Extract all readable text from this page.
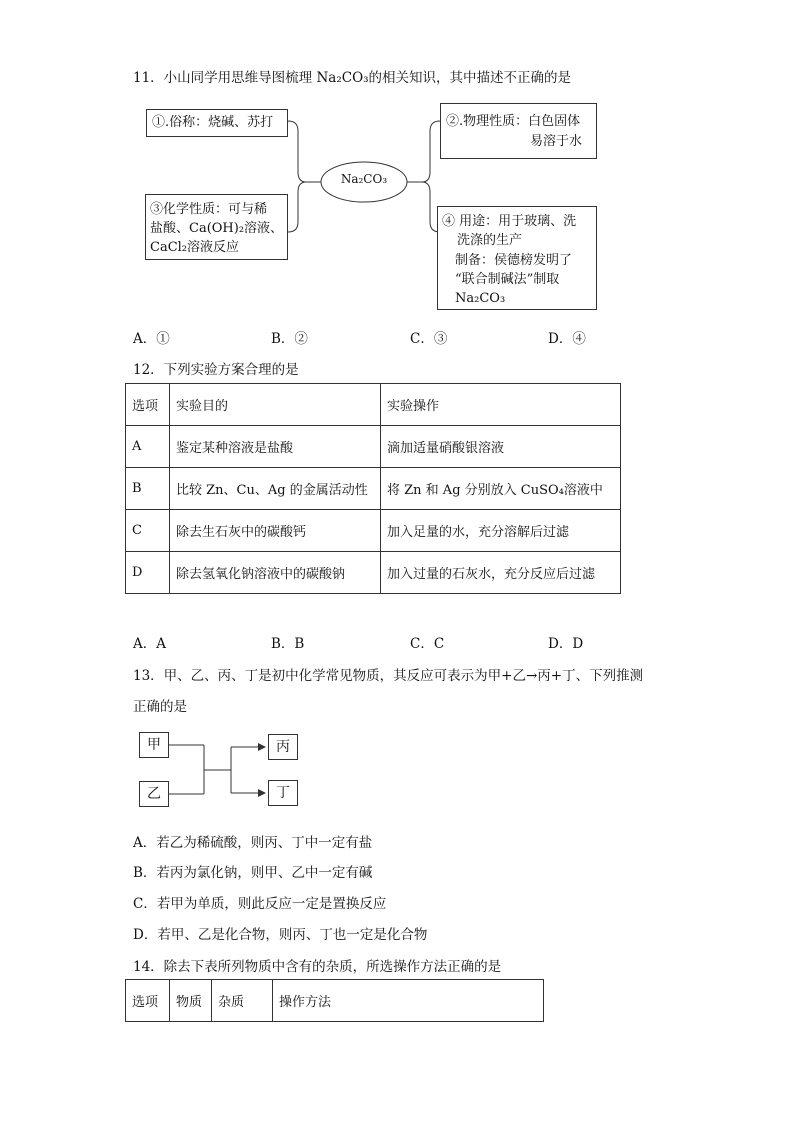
11．小山同学用思维导图梳理 Na₂CO₃的相关知识，其中描述不正确的是
Na₂CO₃
①.俗称：烧碱、苏打	②.物理性质：白色固体
易溶于水
③化学性质：可与稀
盐酸、Ca(OH)₂溶液、
CaCl₂溶液反应
④ 用途：用于玻璃、洗
洗涤的生产
制备：侯德榜发明了
“联合制碱法”制取
Na₂CO₃
A．①	B．②	C．③	D．④
12．下列实验方案合理的是
选项	实验目的	实验操作
A	鉴定某种溶液是盐酸	滴加适量硝酸银溶液
B	比较 Zn、Cu、Ag 的金属活动性	将 Zn 和 Ag 分别放入 CuSO₄溶液中
C	除去生石灰中的碳酸钙	加入足量的水，充分溶解后过滤
D	除去氢氧化钠溶液中的碳酸钠	加入过量的石灰水，充分反应后过滤
A．A	B．B	C．C	D．D
13．甲、乙、丙、丁是初中化学常见物质，其反应可表示为甲+乙→丙+丁、下列推测
正确的是
甲
乙
丙
丁
A．若乙为稀硫酸，则丙、丁中一定有盐
B．若丙为氯化钠，则甲、乙中一定有碱
C．若甲为单质，则此反应一定是置换反应
D．若甲、乙是化合物，则丙、丁也一定是化合物
14．除去下表所列物质中含有的杂质，所选操作方法正确的是
选项	物质	杂质	操作方法
